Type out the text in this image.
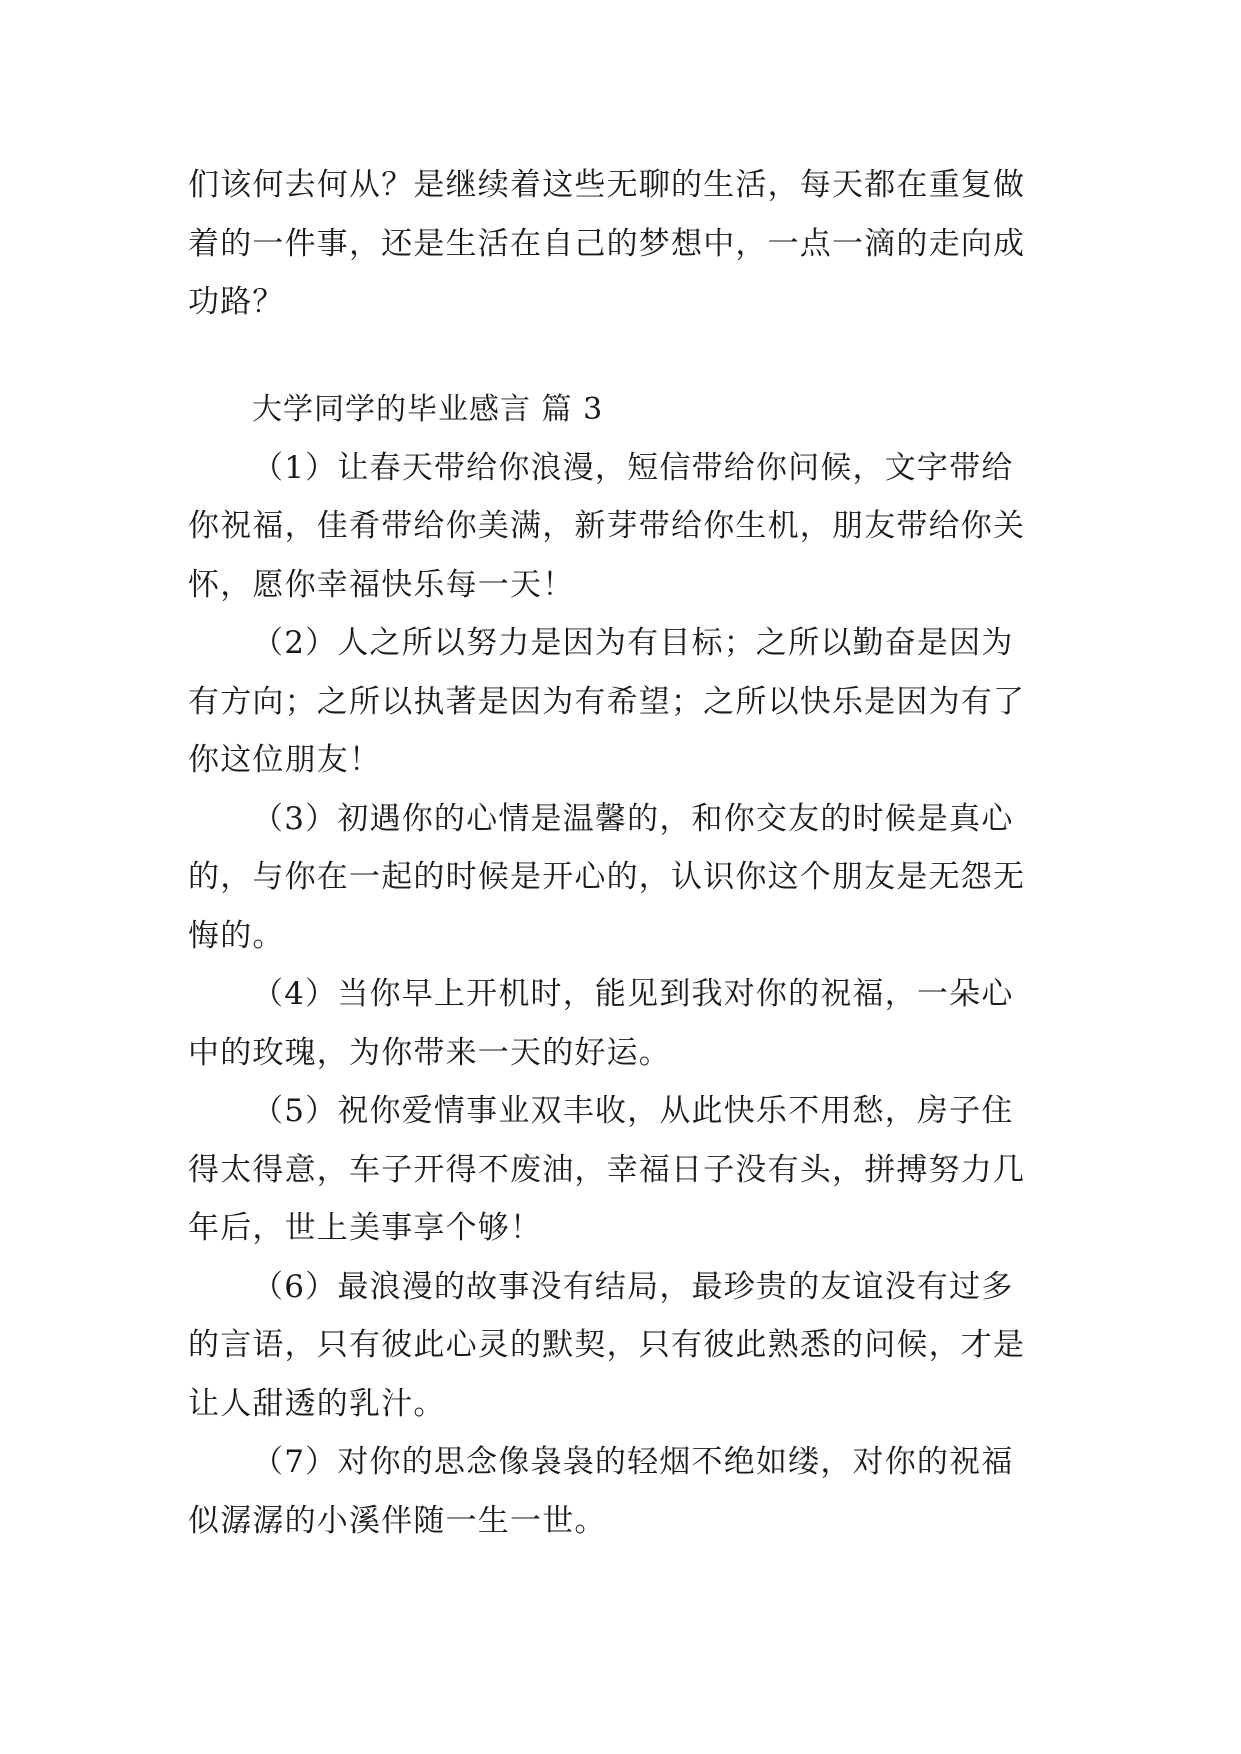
们该何去何从？是继续着这些无聊的生活，每天都在重复做
着的一件事，还是生活在自己的梦想中，一点一滴的走向成
功路？
大学同学的毕业感言 篇 3
（1）让春天带给你浪漫，短信带给你问候，文字带给
你祝福，佳肴带给你美满，新芽带给你生机，朋友带给你关
怀，愿你幸福快乐每一天！
（2）人之所以努力是因为有目标；之所以勤奋是因为
有方向；之所以执著是因为有希望；之所以快乐是因为有了
你这位朋友！
（3）初遇你的心情是温馨的，和你交友的时候是真心
的，与你在一起的时候是开心的，认识你这个朋友是无怨无
悔的。
（4）当你早上开机时，能见到我对你的祝福，一朵心
中的玫瑰，为你带来一天的好运。
（5）祝你爱情事业双丰收，从此快乐不用愁，房子住
得太得意，车子开得不废油，幸福日子没有头，拼搏努力几
年后，世上美事享个够！
（6）最浪漫的故事没有结局，最珍贵的友谊没有过多
的言语，只有彼此心灵的默契，只有彼此熟悉的问候，才是
让人甜透的乳汁。
（7）对你的思念像袅袅的轻烟不绝如缕，对你的祝福
似潺潺的小溪伴随一生一世。
